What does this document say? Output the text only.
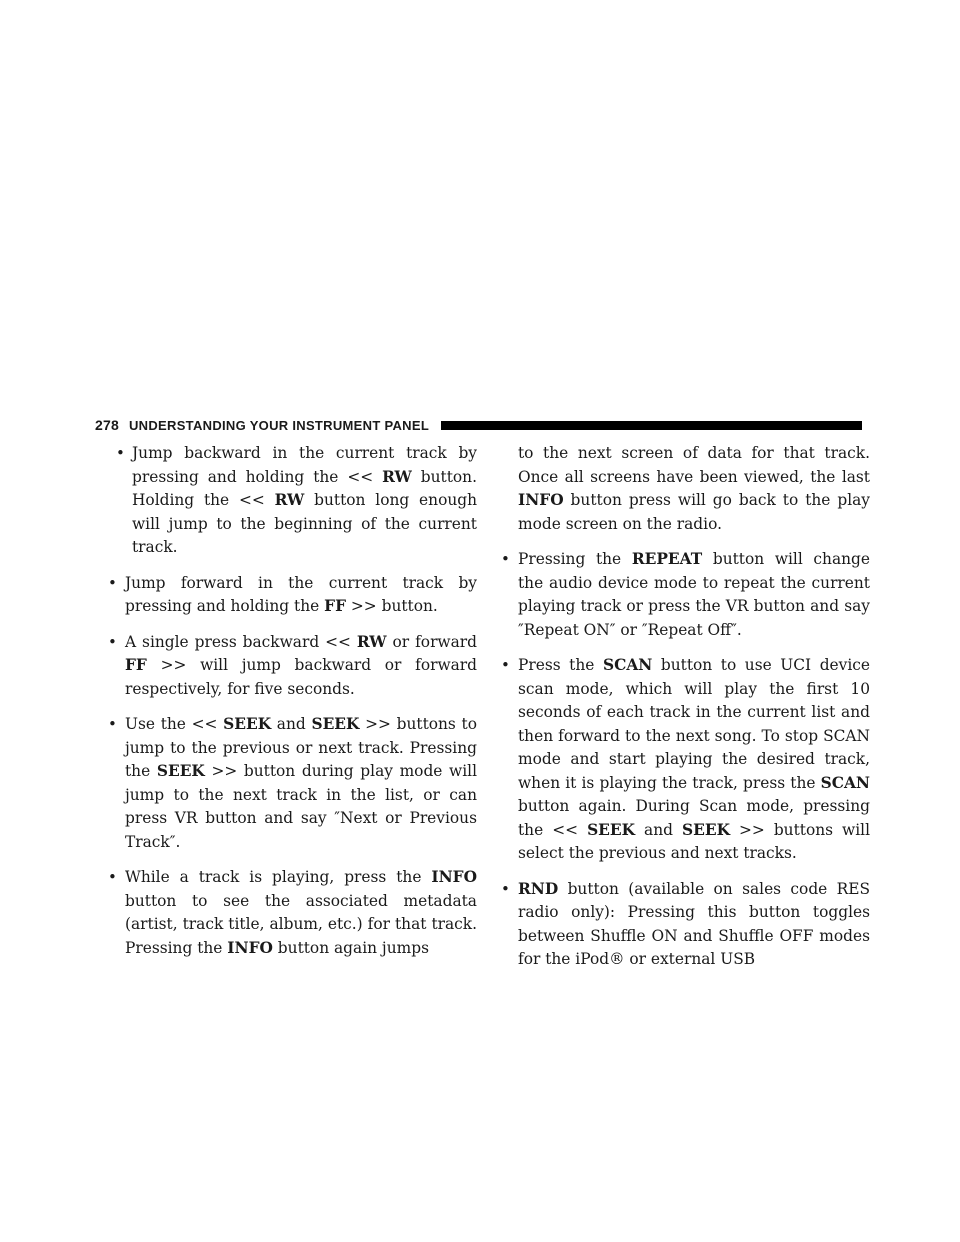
278 UNDERSTANDING YOUR INSTRUMENT PANEL

• Jump backward in the current track by pressing and holding the << RW button. Holding the << RW button long enough will jump to the beginning of the current track.

• Jump forward in the current track by pressing and holding the FF >> button.

• A single press backward << RW or forward FF >> will jump backward or forward respectively, for five seconds.

• Use the << SEEK and SEEK >> buttons to jump to the previous or next track. Pressing the SEEK >> button during play mode will jump to the next track in the list, or can press VR button and say ″Next or Previous Track″.

• While a track is playing, press the INFO button to see the associated metadata (artist, track title, album, etc.) for that track. Pressing the INFO button again jumps

to the next screen of data for that track. Once all screens have been viewed, the last INFO button press will go back to the play mode screen on the radio.

• Pressing the REPEAT button will change the audio device mode to repeat the current playing track or press the VR button and say ″Repeat ON″ or ″Repeat Off″.

• Press the SCAN button to use UCI device scan mode, which will play the first 10 seconds of each track in the current list and then forward to the next song. To stop SCAN mode and start playing the desired track, when it is playing the track, press the SCAN button again. During Scan mode, pressing the << SEEK and SEEK >> buttons will select the previous and next tracks.

• RND button (available on sales code RES radio only): Pressing this button toggles between Shuffle ON and Shuffle OFF modes for the iPod® or external USB
